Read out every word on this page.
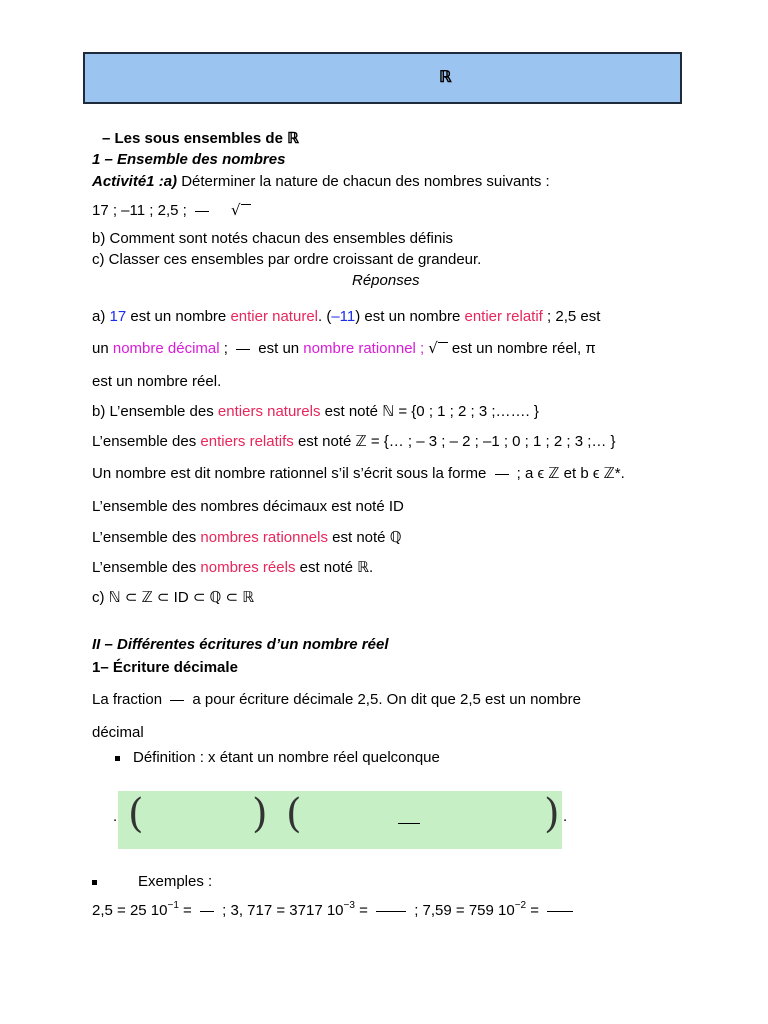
ℝ
– Les sous ensembles de ℝ
1 – Ensemble des nombres
Activité1 :a) Déterminer la nature de chacun des nombres suivants :
17 ; –11 ; 2,5 ;	√
b) Comment sont notés chacun des ensembles définis
c) Classer ces ensembles par ordre croissant de grandeur.
Réponses
a) 17 est un nombre entier naturel. (–11) est un nombre entier relatif ; 2,5 est
un nombre décimal ;  est un nombre rationnel ; √ est un nombre réel, π
est un nombre réel.
b) L’ensemble des entiers naturels est noté ℕ = {0 ; 1 ; 2 ; 3 ;……. }
L’ensemble des entiers relatifs est noté ℤ = {… ; – 3 ; – 2 ; –1 ; 0 ; 1 ; 2 ; 3 ;… }
Un nombre est dit nombre rationnel s’il s’écrit sous la forme  ; a ϵ ℤ et b ϵ ℤ*.
L’ensemble des nombres décimaux est noté ID
L’ensemble des nombres rationnels est noté ℚ
L’ensemble des nombres réels est noté ℝ.
c) ℕ ⊂ ℤ ⊂ ID ⊂ ℚ ⊂ ℝ
II – Différentes écritures d’un nombre réel
1– Écriture décimale
La fraction  a pour écriture décimale 2,5. On dit que 2,5 est un nombre
décimal
Définition : x étant un nombre réel quelconque
. (	) (	) .
Exemples :
2,5 = 25 $10^{-1}$ =  ; 3, 717 = 3717 $10^{-3}$ =	; 7,59 = 759 $10^{-2}$ =
